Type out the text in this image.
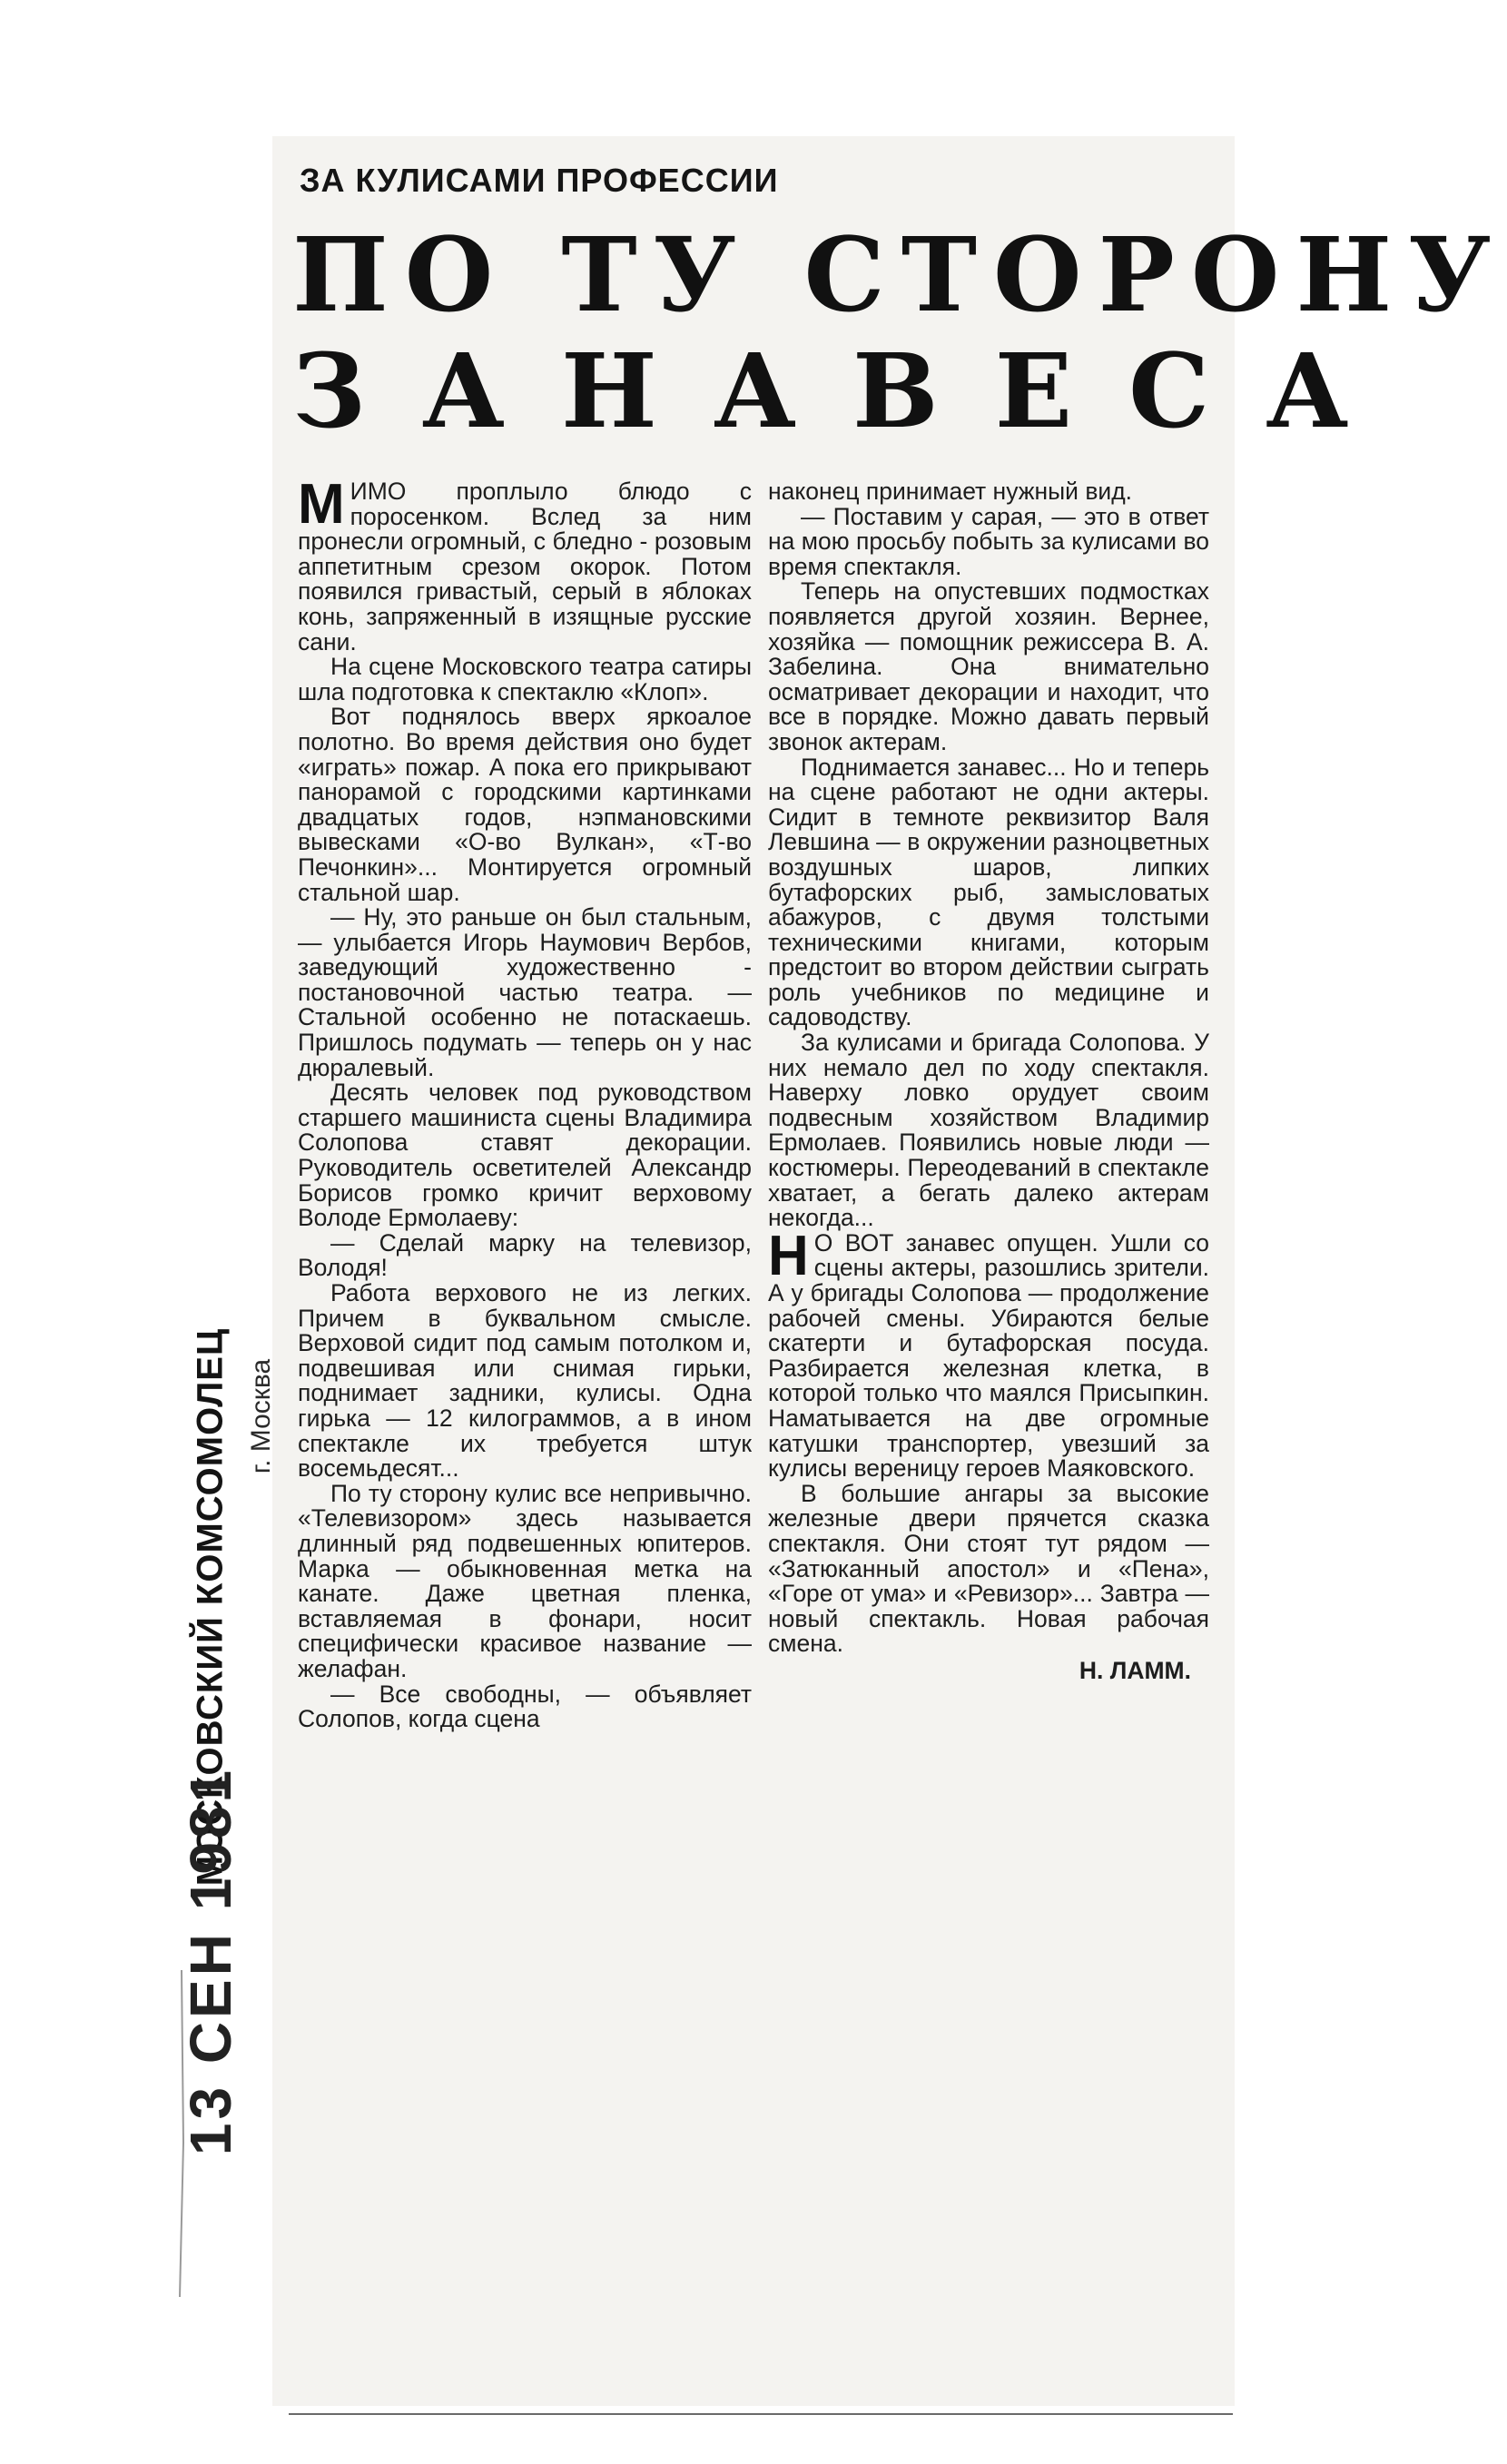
ЗА КУЛИСАМИ ПРОФЕССИИ
ПО ТУ СТОРОНУ
ЗАНАВЕСА

МИМО проплыло блюдо с поросенком. Вслед за ним пронесли огромный, с бледно - розовым аппетитным срезом окорок. Потом появился гривастый, серый в яблоках конь, запряженный в изящные русские сани.

На сцене Московского театра сатиры шла подготовка к спектаклю «Клоп».

Вот поднялось вверх яркоалое полотно. Во время действия оно будет «играть» пожар. А пока его прикрывают панорамой с городскими картинками двадцатых годов, нэпмановскими вывесками «О-во Вулкан», «Т-во Печонкин»... Монтируется огромный стальной шар.

— Ну, это раньше он был стальным, — улыбается Игорь Наумович Вербов, заведующий художественно - постановочной частью театра. — Стальной особенно не потаскаешь. Пришлось подумать — теперь он у нас дюралевый.

Десять человек под руководством старшего машиниста сцены Владимира Солопова ставят декорации. Руководитель осветителей Александр Борисов громко кричит верховому Володе Ермолаеву:

— Сделай марку на телевизор, Володя!

Работа верхового не из легких. Причем в буквальном смысле. Верховой сидит под самым потолком и, подвешивая или снимая гирьки, поднимает задники, кулисы. Одна гирька — 12 килограммов, а в ином спектакле их требуется штук восемьдесят...

По ту сторону кулис все непривычно. «Телевизором» здесь называется длинный ряд подвешенных юпитеров. Марка — обыкновенная метка на канате. Даже цветная пленка, вставляемая в фонари, носит специфически красивое название — желафан.

— Все свободны, — объявляет Солопов, когда сцена

наконец принимает нужный вид.

— Поставим у сарая, — это в ответ на мою просьбу побыть за кулисами во время спектакля.

Теперь на опустевших подмостках появляется другой хозяин. Вернее, хозяйка — помощник режиссера В. А. Забелина. Она внимательно осматривает декорации и находит, что все в порядке. Можно давать первый звонок актерам.

Поднимается занавес... Но и теперь на сцене работают не одни актеры. Сидит в темноте реквизитор Валя Левшина — в окружении разноцветных воздушных шаров, липких бутафорских рыб, замысловатых абажуров, с двумя толстыми техническими книгами, которым предстоит во втором действии сыграть роль учебников по медицине и садоводству.

За кулисами и бригада Солопова. У них немало дел по ходу спектакля. Наверху ловко орудует своим подвесным хозяйством Владимир Ермолаев. Появились новые люди — костюмеры. Переодеваний в спектакле хватает, а бегать далеко актерам некогда...

Н О ВОТ занавес опущен. Ушли со сцены актеры, разошлись зрители. А у бригады Солопова — продолжение рабочей смены. Убираются белые скатерти и бутафорская посуда. Разбирается железная клетка, в которой только что маялся Присыпкин. Наматывается на две огромные катушки транспортер, увезший за кулисы вереницу героев Маяковского.

В большие ангары за высокие железные двери прячется сказка спектакля. Они стоят тут рядом — «Затюканный апостол» и «Пена», «Горе от ума» и «Ревизор»... Завтра — новый спектакль. Новая рабочая смена.

Н. ЛАММ.

МОСКОВСКИЙ КОМСОМОЛЕЦ г. Москва
13 СЕН 1981
